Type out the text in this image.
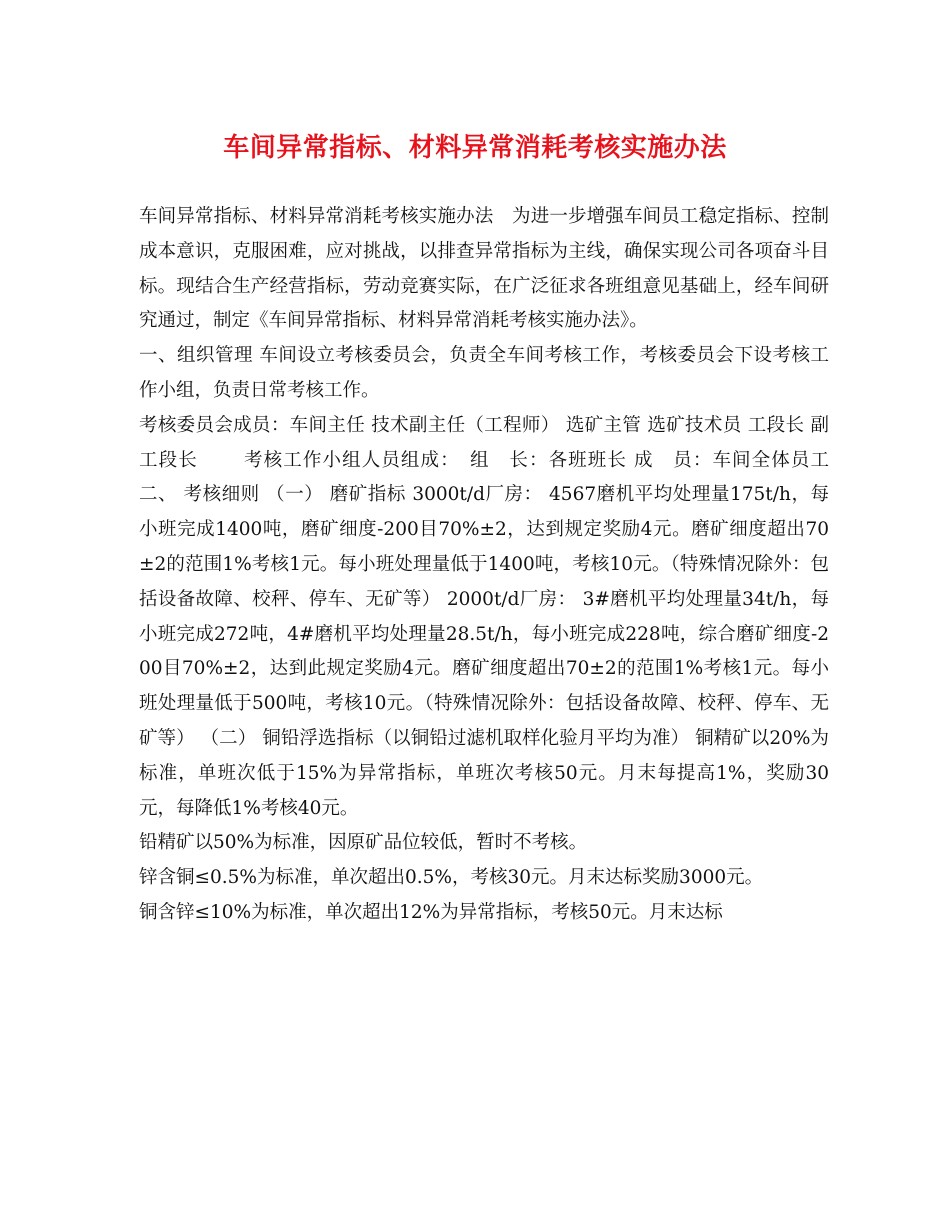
车间异常指标、材料异常消耗考核实施办法

车间异常指标、材料异常消耗考核实施办法　为进一步增强车间员工稳定指标、控制成本意识，克服困难，应对挑战，以排查异常指标为主线，确保实现公司各项奋斗目标。现结合生产经营指标，劳动竞赛实际，在广泛征求各班组意见基础上，经车间研究通过，制定《车间异常指标、材料异常消耗考核实施办法》。

一、组织管理 车间设立考核委员会，负责全车间考核工作，考核委员会下设考核工作小组，负责日常考核工作。

考核委员会成员：车间主任 技术副主任（工程师） 选矿主管 选矿技术员 工段长 副工段长　　 考核工作小组人员组成：　组　长：各班班长 成　员：车间全体员工 二、 考核细则 （一） 磨矿指标 3000t/d厂房： 4567磨机平均处理量175t/h，每小班完成1400吨，磨矿细度-200目70%±2，达到规定奖励4元。磨矿细度超出70±2的范围1%考核1元。每小班处理量低于1400吨，考核10元。（特殊情况除外：包括设备故障、校秤、停车、无矿等） 2000t/d厂房： 3#磨机平均处理量34t/h，每小班完成272吨，4#磨机平均处理量28.5t/h，每小班完成228吨，综合磨矿细度-200目70%±2，达到此规定奖励4元。磨矿细度超出70±2的范围1%考核1元。每小班处理量低于500吨，考核10元。（特殊情况除外：包括设备故障、校秤、停车、无矿等） （二） 铜铅浮选指标（以铜铅过滤机取样化验月平均为准） 铜精矿以20%为标准，单班次低于15%为异常指标，单班次考核50元。月末每提高1%，奖励30元，每降低1%考核40元。

铅精矿以50%为标准，因原矿品位较低，暂时不考核。

锌含铜≤0.5%为标准，单次超出0.5%，考核30元。月末达标奖励3000元。

铜含锌≤10%为标准，单次超出12%为异常指标，考核50元。月末达标
